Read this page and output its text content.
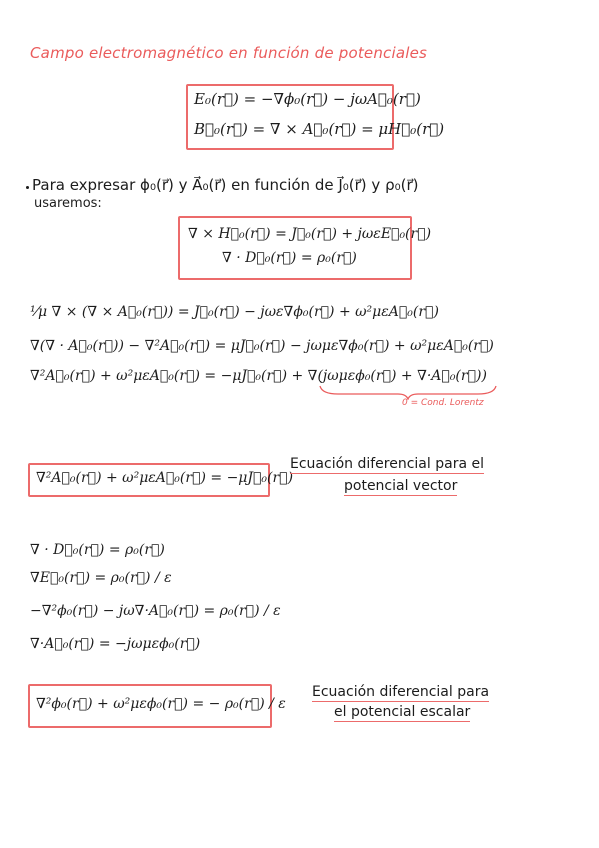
Campo electromagnético en función de potenciales
E₀(r⃗) = −∇ϕ₀(r⃗) − jωA⃗₀(r⃗)
B⃗₀(r⃗) = ∇ × A⃗₀(r⃗) = μH⃗₀(r⃗)
Para expresar ϕ₀(r⃗) y A⃗₀(r⃗) en función de J⃗₀(r⃗) y ρ₀(r⃗)
usaremos:
∇ × H⃗₀(r⃗) = J⃗₀(r⃗) + jωεE⃗₀(r⃗)
∇ · D⃗₀(r⃗) = ρ₀(r⃗)
¹⁄μ ∇ × (∇ × A⃗₀(r⃗)) = J⃗₀(r⃗) − jωε∇ϕ₀(r⃗) + ω²μεA⃗₀(r⃗)
∇(∇ · A⃗₀(r⃗)) − ∇²A⃗₀(r⃗) = μJ⃗₀(r⃗) − jωμε∇ϕ₀(r⃗) + ω²μεA⃗₀(r⃗)
∇²A⃗₀(r⃗) + ω²μεA⃗₀(r⃗) = −μJ⃗₀(r⃗) + ∇(jωμεϕ₀(r⃗) + ∇·A⃗₀(r⃗))
0 = Cond. Lorentz
∇²A⃗₀(r⃗) + ω²μεA⃗₀(r⃗) = −μJ⃗₀(r⃗)
Ecuación diferencial para el
potencial vector
∇ · D⃗₀(r⃗) = ρ₀(r⃗)
∇E⃗₀(r⃗) = ρ₀(r⃗) / ε
−∇²ϕ₀(r⃗) − jω∇·A⃗₀(r⃗) = ρ₀(r⃗) / ε
∇·A⃗₀(r⃗) = −jωμεϕ₀(r⃗)
∇²ϕ₀(r⃗) + ω²μεϕ₀(r⃗) = − ρ₀(r⃗) / ε
Ecuación diferencial para
el potencial escalar
